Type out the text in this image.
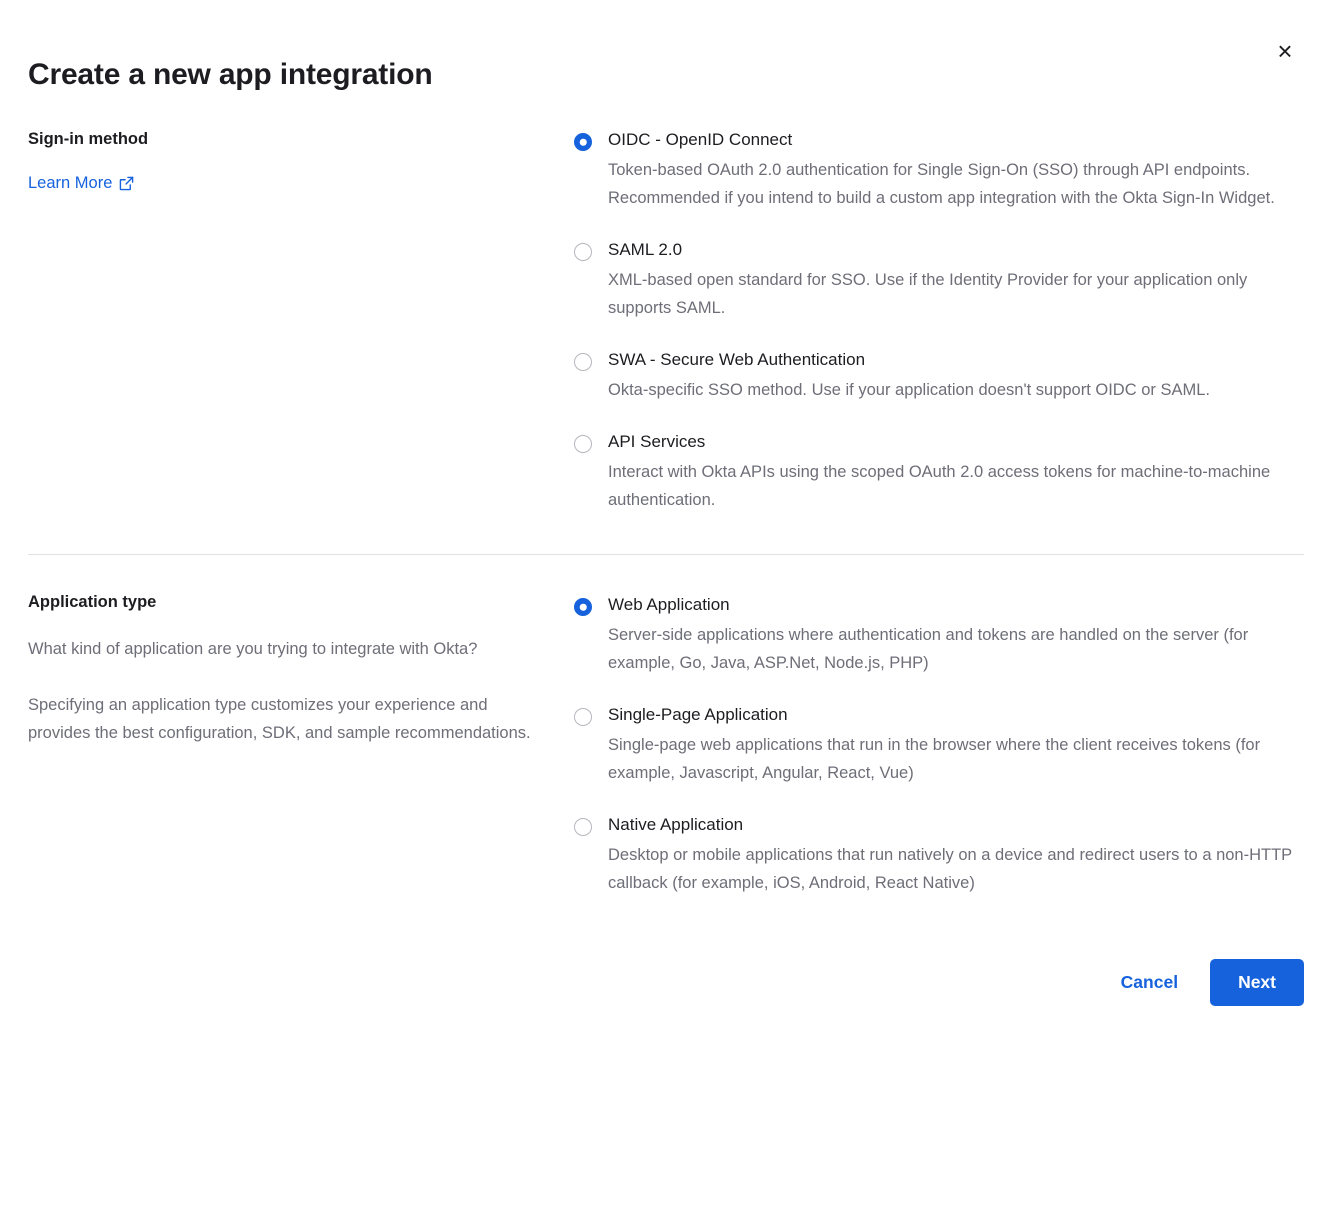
×
Create a new app integration
Sign-in method
Learn More
OIDC - OpenID Connect
Token-based OAuth 2.0 authentication for Single Sign-On (SSO) through API endpoints. Recommended if you intend to build a custom app integration with the Okta Sign-In Widget.
SAML 2.0
XML-based open standard for SSO. Use if the Identity Provider for your application only supports SAML.
SWA - Secure Web Authentication
Okta-specific SSO method. Use if your application doesn't support OIDC or SAML.
API Services
Interact with Okta APIs using the scoped OAuth 2.0 access tokens for machine-to-machine authentication.
Application type

What kind of application are you trying to integrate with Okta?

Specifying an application type customizes your experience and provides the best configuration, SDK, and sample recommendations.

Web Application
Server-side applications where authentication and tokens are handled on the server (for example, Go, Java, ASP.Net, Node.js, PHP)
Single-Page Application
Single-page web applications that run in the browser where the client receives tokens (for example, Javascript, Angular, React, Vue)
Native Application
Desktop or mobile applications that run natively on a device and redirect users to a non-HTTP callback (for example, iOS, Android, React Native)
Cancel	Next
